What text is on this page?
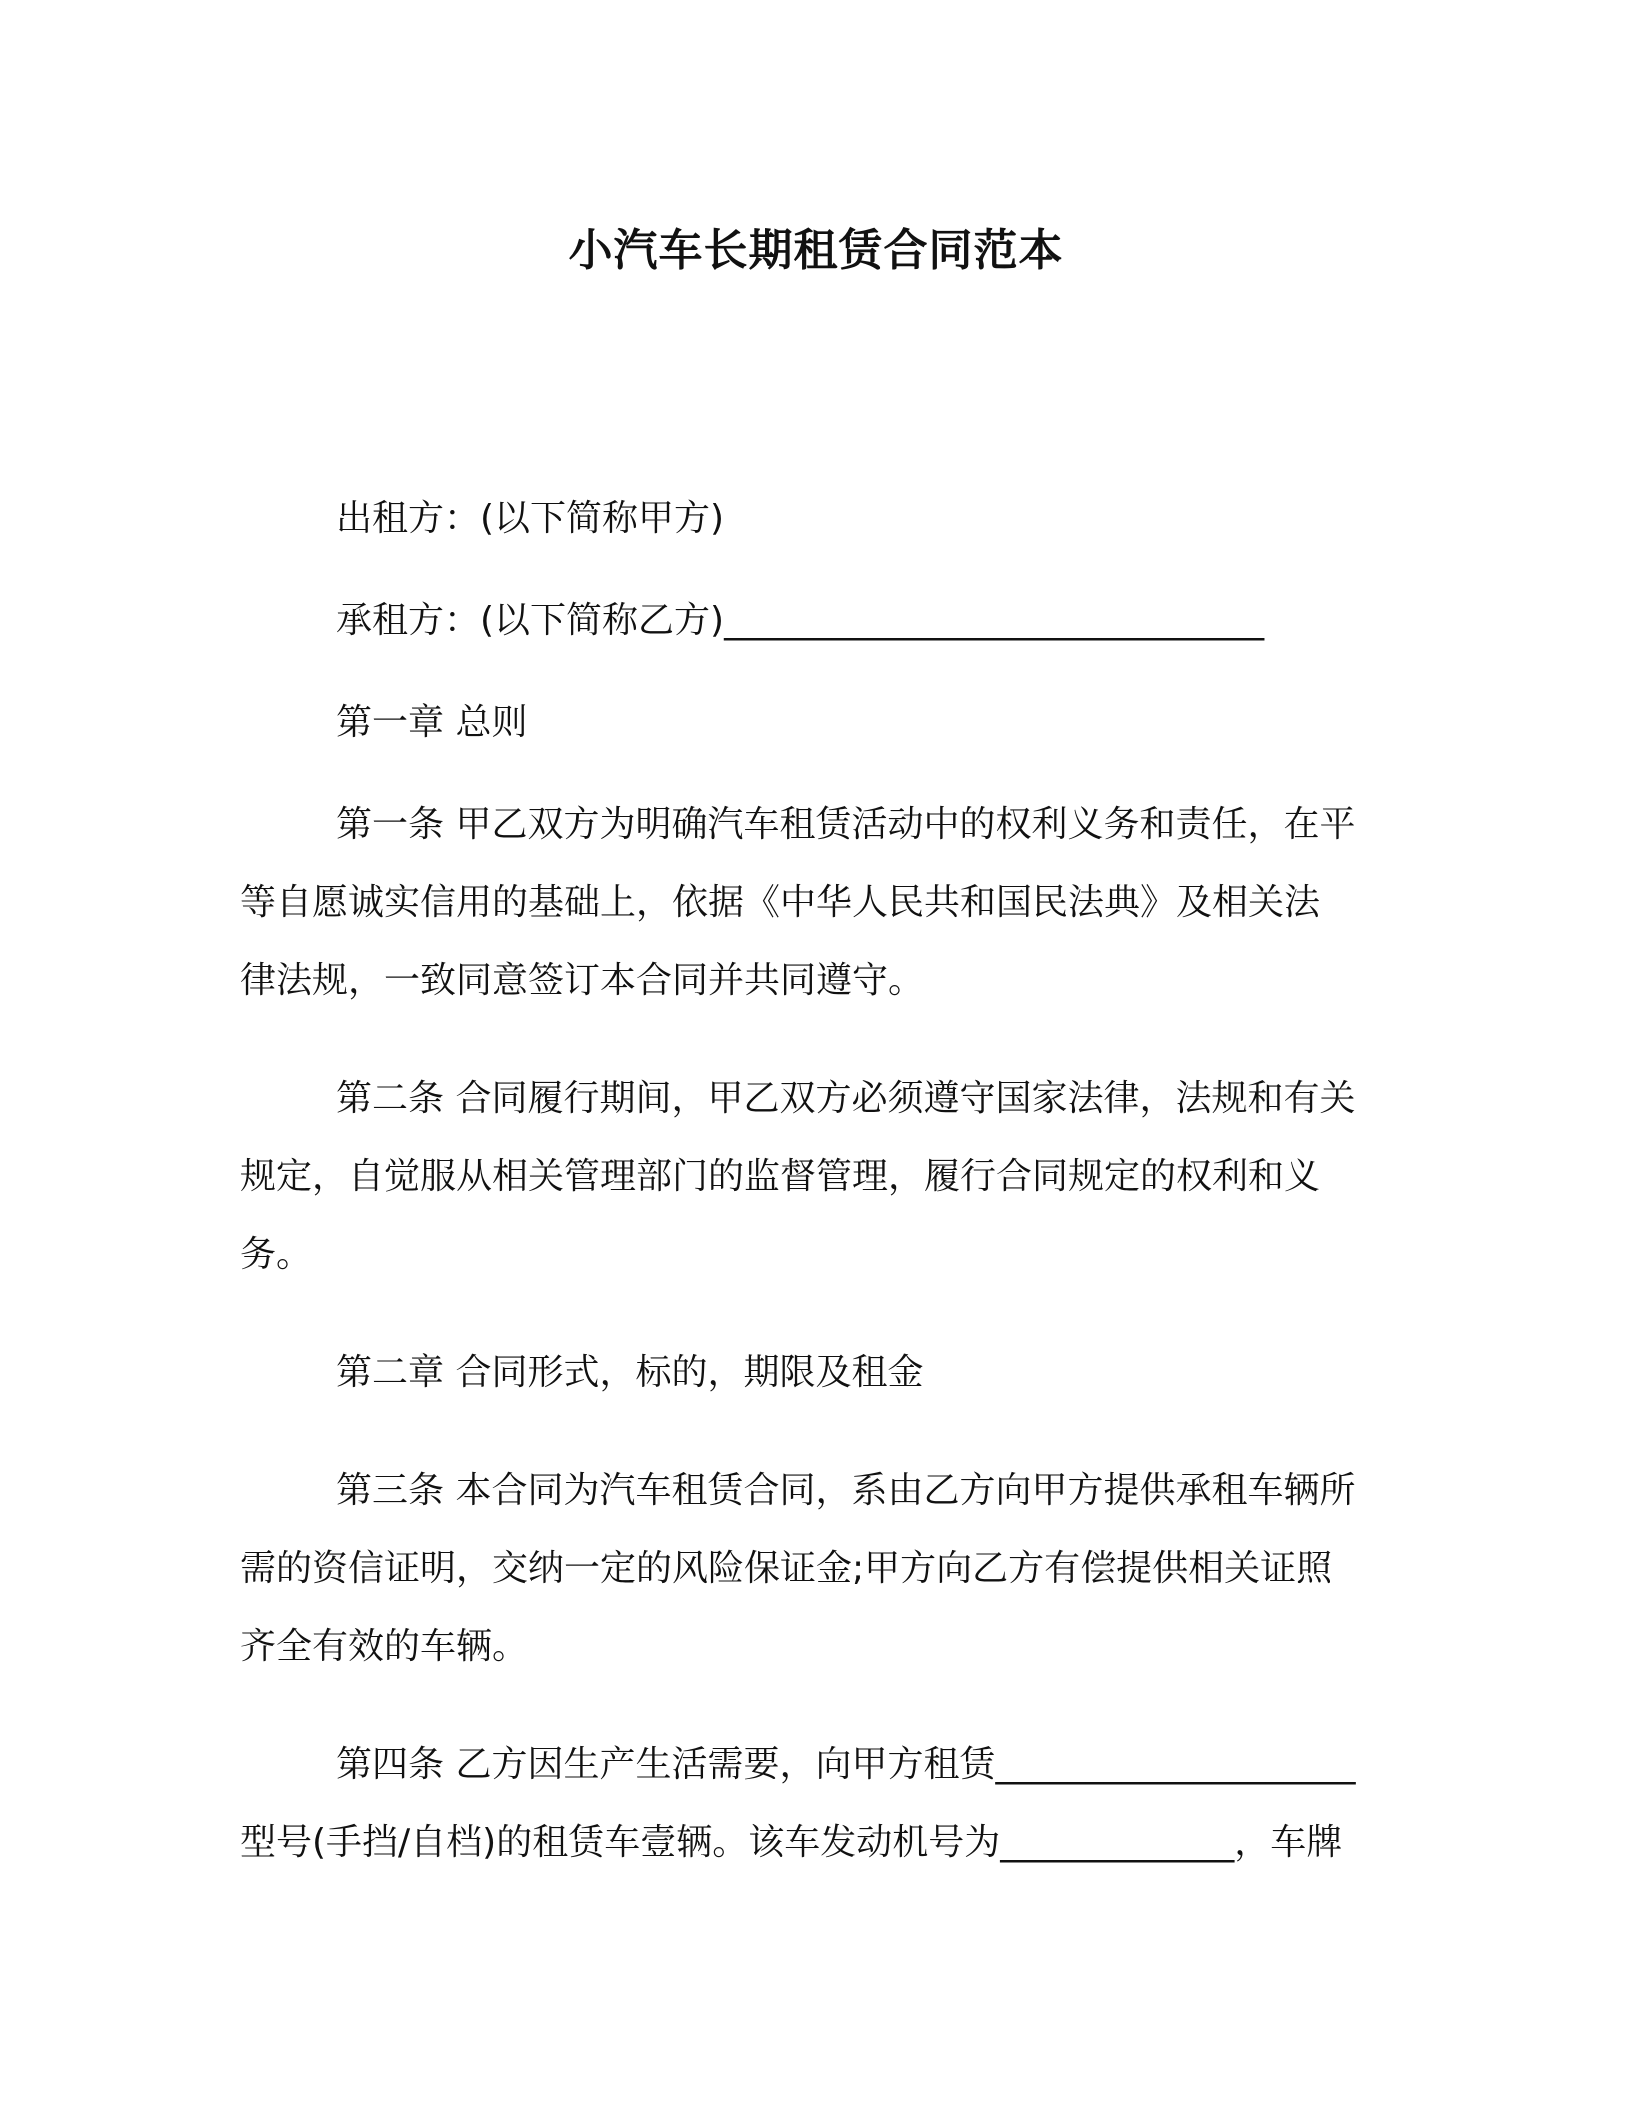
小汽车长期租赁合同范本

出租方：(以下简称甲方)

承租方：(以下简称乙方)______________________________

第一章 总则

第一条 甲乙双方为明确汽车租赁活动中的权利义务和责任，在平

等自愿诚实信用的基础上，依据《中华人民共和国民法典》及相关法

律法规，一致同意签订本合同并共同遵守。

第二条 合同履行期间，甲乙双方必须遵守国家法律，法规和有关

规定，自觉服从相关管理部门的监督管理，履行合同规定的权利和义

务。

第二章 合同形式，标的，期限及租金

第三条 本合同为汽车租赁合同，系由乙方向甲方提供承租车辆所

需的资信证明，交纳一定的风险保证金;甲方向乙方有偿提供相关证照

齐全有效的车辆。

第四条 乙方因生产生活需要，向甲方租赁____________________

型号(手挡/自档)的租赁车壹辆。该车发动机号为_____________，车牌
